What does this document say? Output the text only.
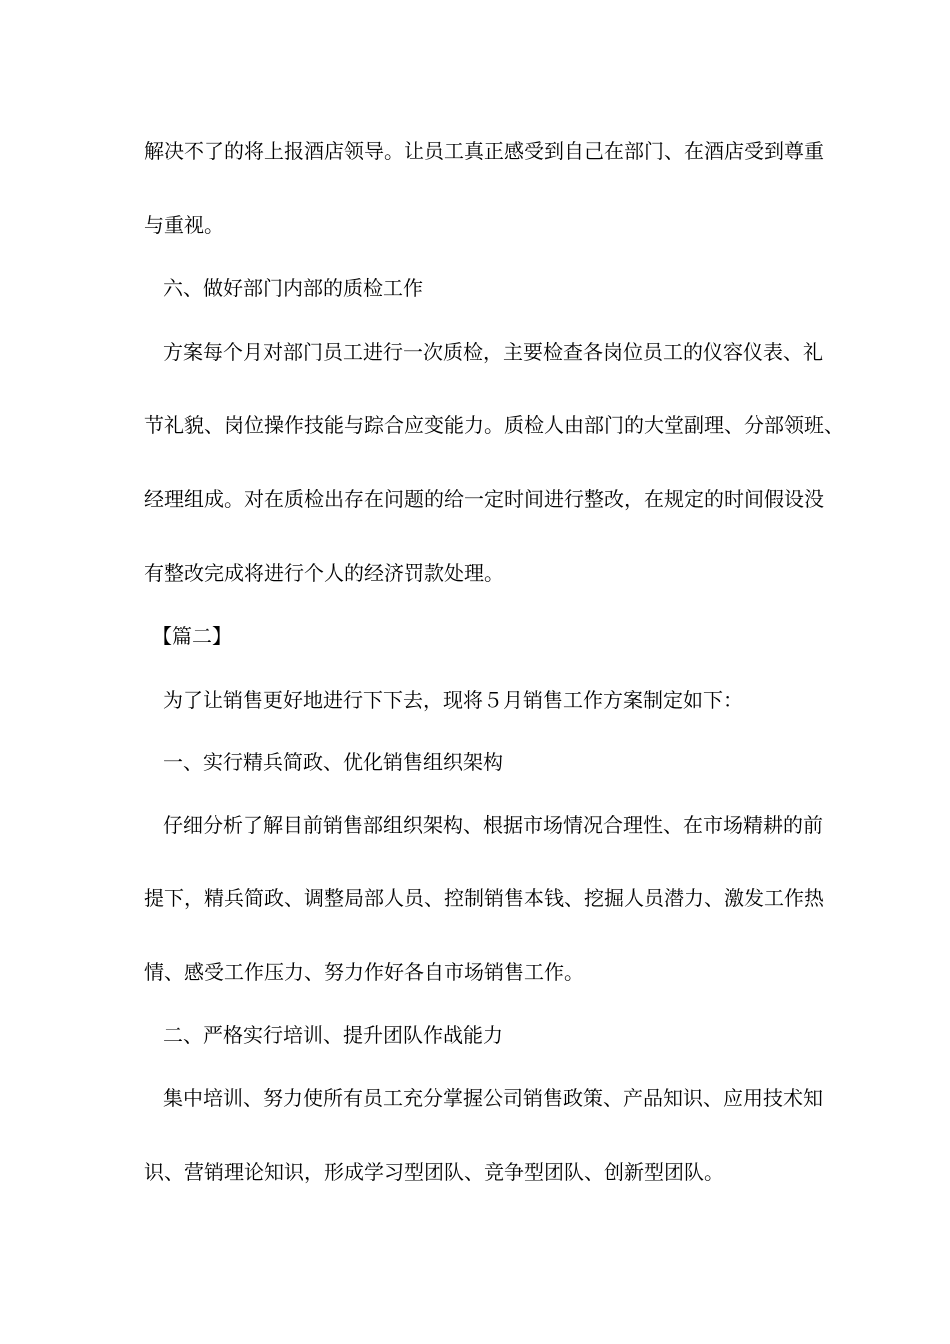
解决不了的将上报酒店领导。让员工真正感受到自己在部门、在酒店受到尊重
与重视。
六、做好部门内部的质检工作
方案每个月对部门员工进行一次质检，主要检查各岗位员工的仪容仪表、礼
节礼貌、岗位操作技能与踪合应变能力。质检人由部门的大堂副理、分部领班、
经理组成。对在质检出存在问题的给一定时间进行整改，在规定的时间假设没
有整改完成将进行个人的经济罚款处理。
【篇二】
为了让销售更好地进行下下去，现将５月销售工作方案制定如下：
一、实行精兵简政、优化销售组织架构
仔细分析了解目前销售部组织架构、根据市场情况合理性、在市场精耕的前
提下，精兵简政、调整局部人员、控制销售本钱、挖掘人员潜力、激发工作热
情、感受工作压力、努力作好各自市场销售工作。
二、严格实行培训、提升团队作战能力
集中培训、努力使所有员工充分掌握公司销售政策、产品知识、应用技术知
识、营销理论知识，形成学习型团队、竞争型团队、创新型团队。
